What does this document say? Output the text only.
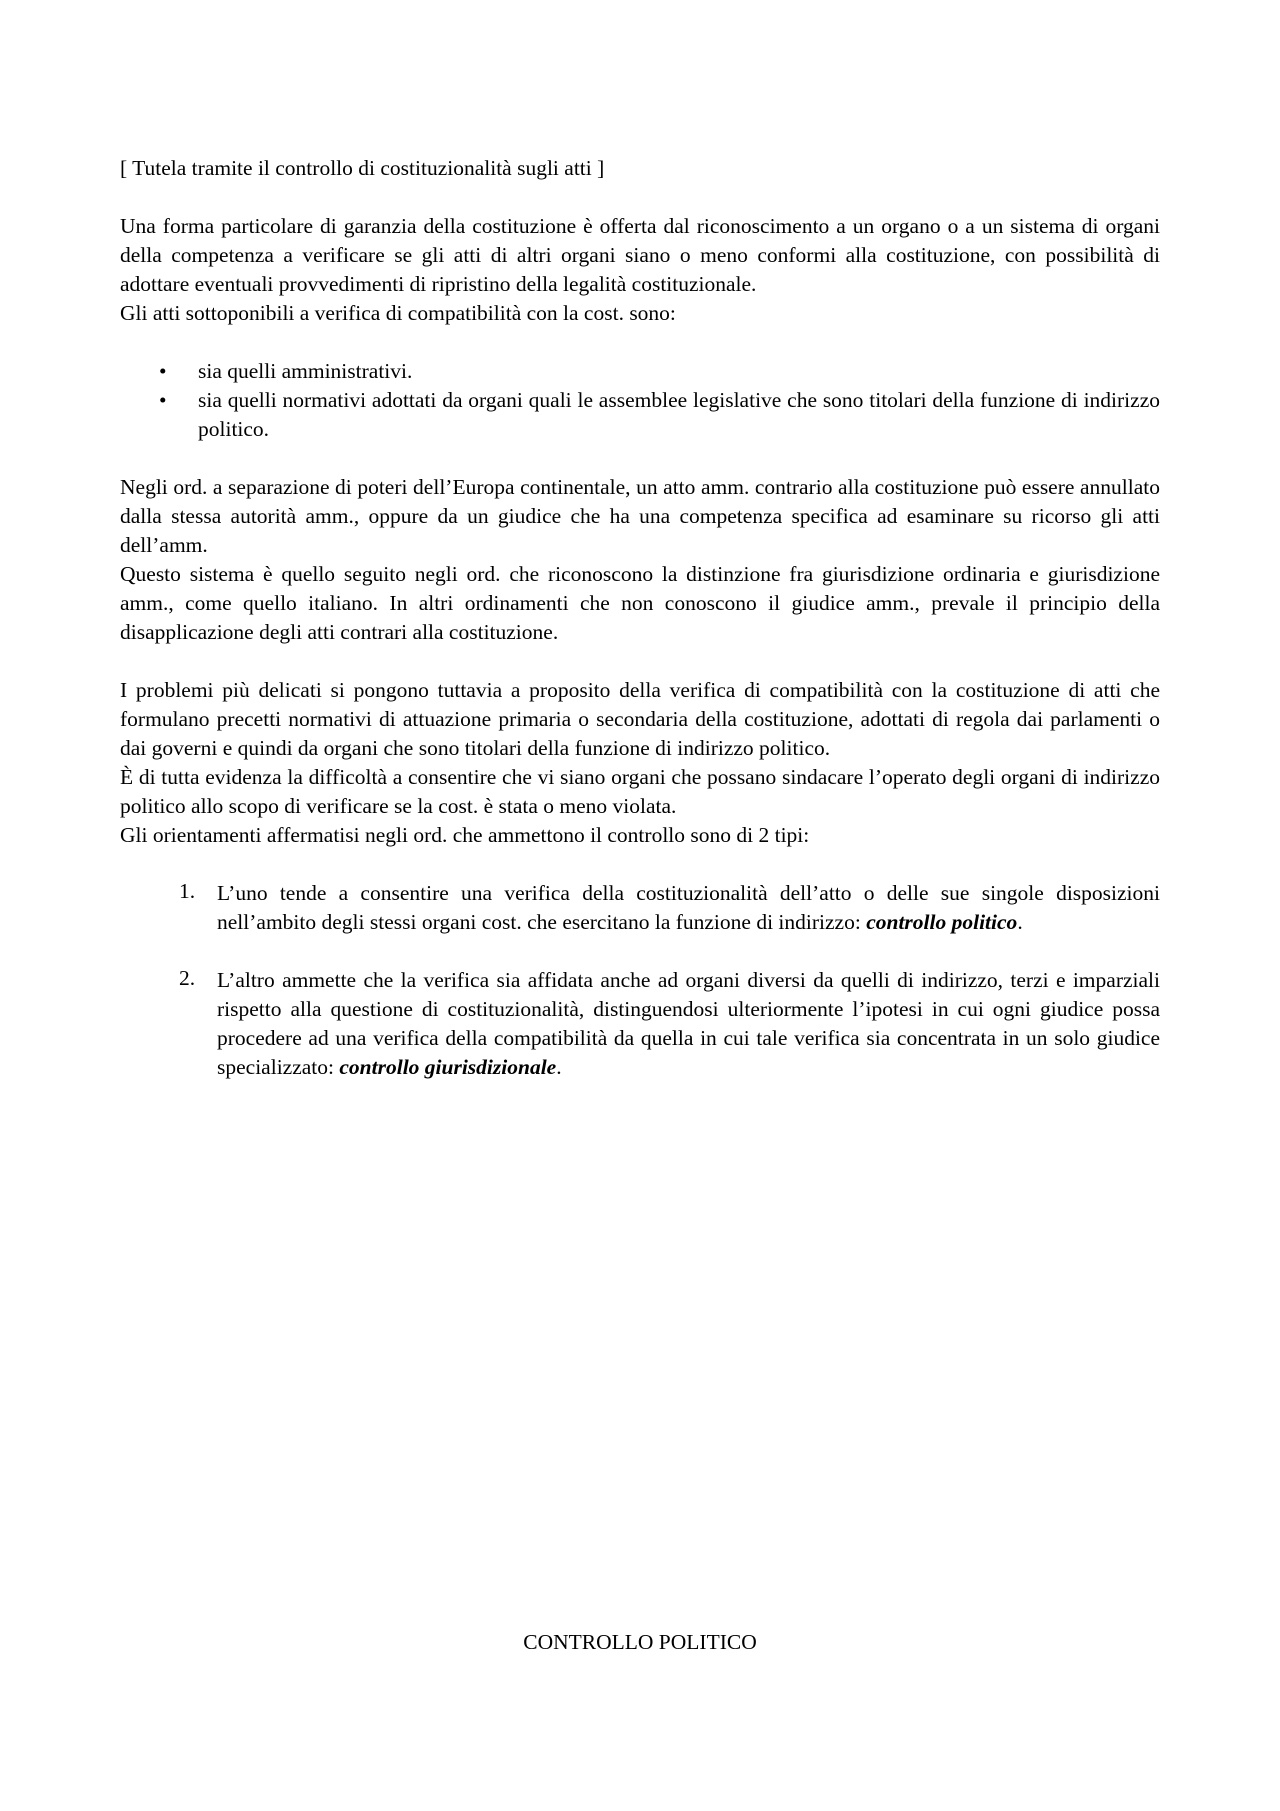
[ Tutela tramite il controllo di costituzionalità sugli atti ]

Una forma particolare di garanzia della costituzione è offerta dal riconoscimento a un organo o a un sistema di organi della competenza a verificare se gli atti di altri organi siano o meno conformi alla costituzione, con possibilità di adottare eventuali provvedimenti di ripristino della legalità costituzionale.

Gli atti sottoponibili a verifica di compatibilità con la cost. sono:

• sia quelli amministrativi.
• sia quelli normativi adottati da organi quali le assemblee legislative che sono titolari della funzione di indirizzo politico.

Negli ord. a separazione di poteri dell’Europa continentale, un atto amm. contrario alla costituzione può essere annullato dalla stessa autorità amm., oppure da un giudice che ha una competenza specifica ad esaminare su ricorso gli atti dell’amm.

Questo sistema è quello seguito negli ord. che riconoscono la distinzione fra giurisdizione ordinaria e giurisdizione amm., come quello italiano. In altri ordinamenti che non conoscono il giudice amm., prevale il principio della disapplicazione degli atti contrari alla costituzione.

I problemi più delicati si pongono tuttavia a proposito della verifica di compatibilità con la costituzione di atti che formulano precetti normativi di attuazione primaria o secondaria della costituzione, adottati di regola dai parlamenti o dai governi e quindi da organi che sono titolari della funzione di indirizzo politico.

È di tutta evidenza la difficoltà a consentire che vi siano organi che possano sindacare l’operato degli organi di indirizzo politico allo scopo di verificare se la cost. è stata o meno violata.

Gli orientamenti affermatisi negli ord. che ammettono il controllo sono di 2 tipi:

1. L’uno tende a consentire una verifica della costituzionalità dell’atto o delle sue singole disposizioni nell’ambito degli stessi organi cost. che esercitano la funzione di indirizzo: controllo politico.
2. L’altro ammette che la verifica sia affidata anche ad organi diversi da quelli di indirizzo, terzi e imparziali rispetto alla questione di costituzionalità, distinguendosi ulteriormente l’ipotesi in cui ogni giudice possa procedere ad una verifica della compatibilità da quella in cui tale verifica sia concentrata in un solo giudice specializzato: controllo giurisdizionale.
CONTROLLO POLITICO
